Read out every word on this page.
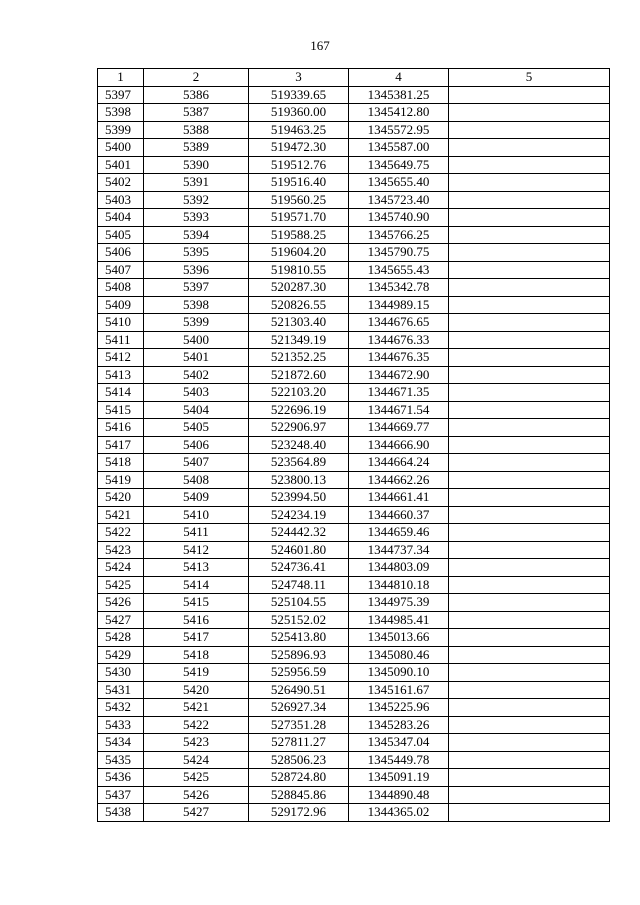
167
1	2	3	4	5
5397	5386	519339.65	1345381.25	
5398	5387	519360.00	1345412.80	
5399	5388	519463.25	1345572.95	
5400	5389	519472.30	1345587.00	
5401	5390	519512.76	1345649.75	
5402	5391	519516.40	1345655.40	
5403	5392	519560.25	1345723.40	
5404	5393	519571.70	1345740.90	
5405	5394	519588.25	1345766.25	
5406	5395	519604.20	1345790.75	
5407	5396	519810.55	1345655.43	
5408	5397	520287.30	1345342.78	
5409	5398	520826.55	1344989.15	
5410	5399	521303.40	1344676.65	
5411	5400	521349.19	1344676.33	
5412	5401	521352.25	1344676.35	
5413	5402	521872.60	1344672.90	
5414	5403	522103.20	1344671.35	
5415	5404	522696.19	1344671.54	
5416	5405	522906.97	1344669.77	
5417	5406	523248.40	1344666.90	
5418	5407	523564.89	1344664.24	
5419	5408	523800.13	1344662.26	
5420	5409	523994.50	1344661.41	
5421	5410	524234.19	1344660.37	
5422	5411	524442.32	1344659.46	
5423	5412	524601.80	1344737.34	
5424	5413	524736.41	1344803.09	
5425	5414	524748.11	1344810.18	
5426	5415	525104.55	1344975.39	
5427	5416	525152.02	1344985.41	
5428	5417	525413.80	1345013.66	
5429	5418	525896.93	1345080.46	
5430	5419	525956.59	1345090.10	
5431	5420	526490.51	1345161.67	
5432	5421	526927.34	1345225.96	
5433	5422	527351.28	1345283.26	
5434	5423	527811.27	1345347.04	
5435	5424	528506.23	1345449.78	
5436	5425	528724.80	1345091.19	
5437	5426	528845.86	1344890.48	
5438	5427	529172.96	1344365.02	
